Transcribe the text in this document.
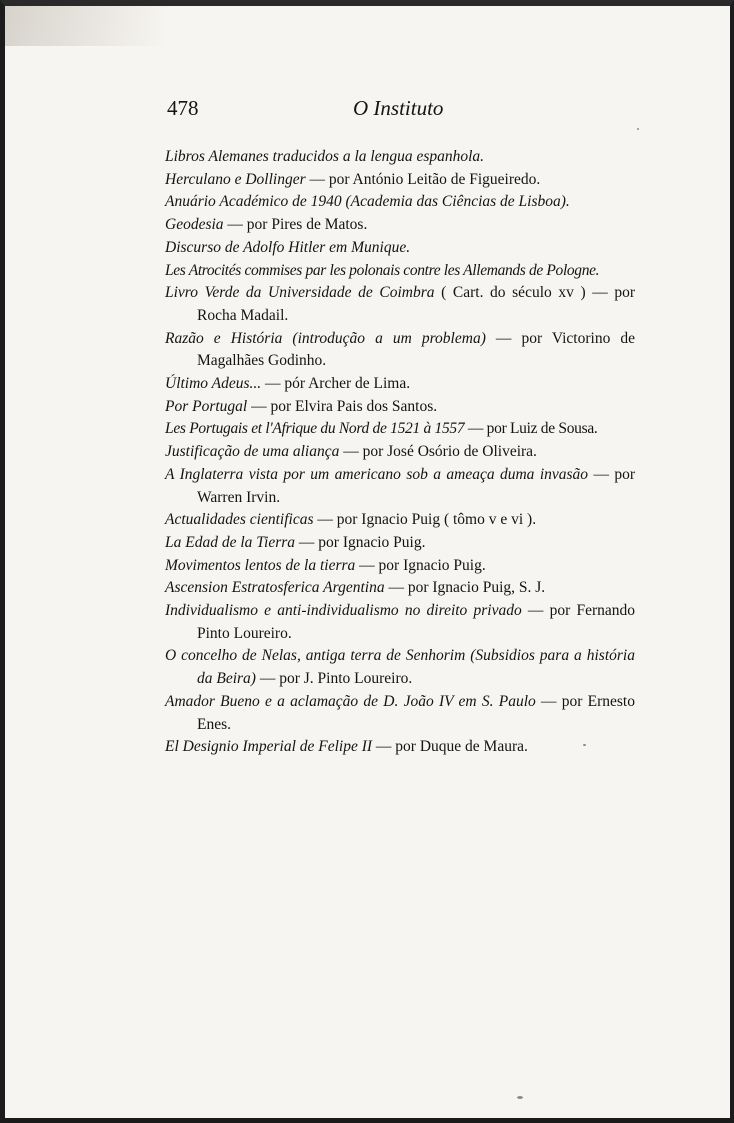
478	O Instituto

Libros Alemanes traducidos a la lengua espanhola.

Herculano e Dollinger — por António Leitão de Figueiredo.

Anuário Académico de 1940 (Academia das Ciências de Lisboa).

Geodesia — por Pires de Matos.

Discurso de Adolfo Hitler em Munique.

Les Atrocités commises par les polonais contre les Allemands de Pologne.

Livro Verde da Universidade de Coimbra ( Cart. do século xv ) — por Rocha Madail.

Razão e História (introdução a um problema) — por Victorino de Magalhães Godinho.

Último Adeus... — pór Archer de Lima.

Por Portugal — por Elvira Pais dos Santos.

Les Portugais et l'Afrique du Nord de 1521 à 1557 — por Luiz de Sousa.

Justificação de uma aliança — por José Osório de Oliveira.

A Inglaterra vista por um americano sob a ameaça duma invasão — por Warren Irvin.

Actualidades cientificas — por Ignacio Puig ( tômo v e vi ).

La Edad de la Tierra — por Ignacio Puig.

Movimentos lentos de la tierra — por Ignacio Puig.

Ascension Estratosferica Argentina — por Ignacio Puig, S. J.

Individualismo e anti-individualismo no direito privado — por Fernando Pinto Loureiro.

O concelho de Nelas, antiga terra de Senhorim (Subsidios para a história da Beira) — por J. Pinto Loureiro.

Amador Bueno e a aclamação de D. João IV em S. Paulo — por Ernesto Enes.

El Designio Imperial de Felipe II — por Duque de Maura.
